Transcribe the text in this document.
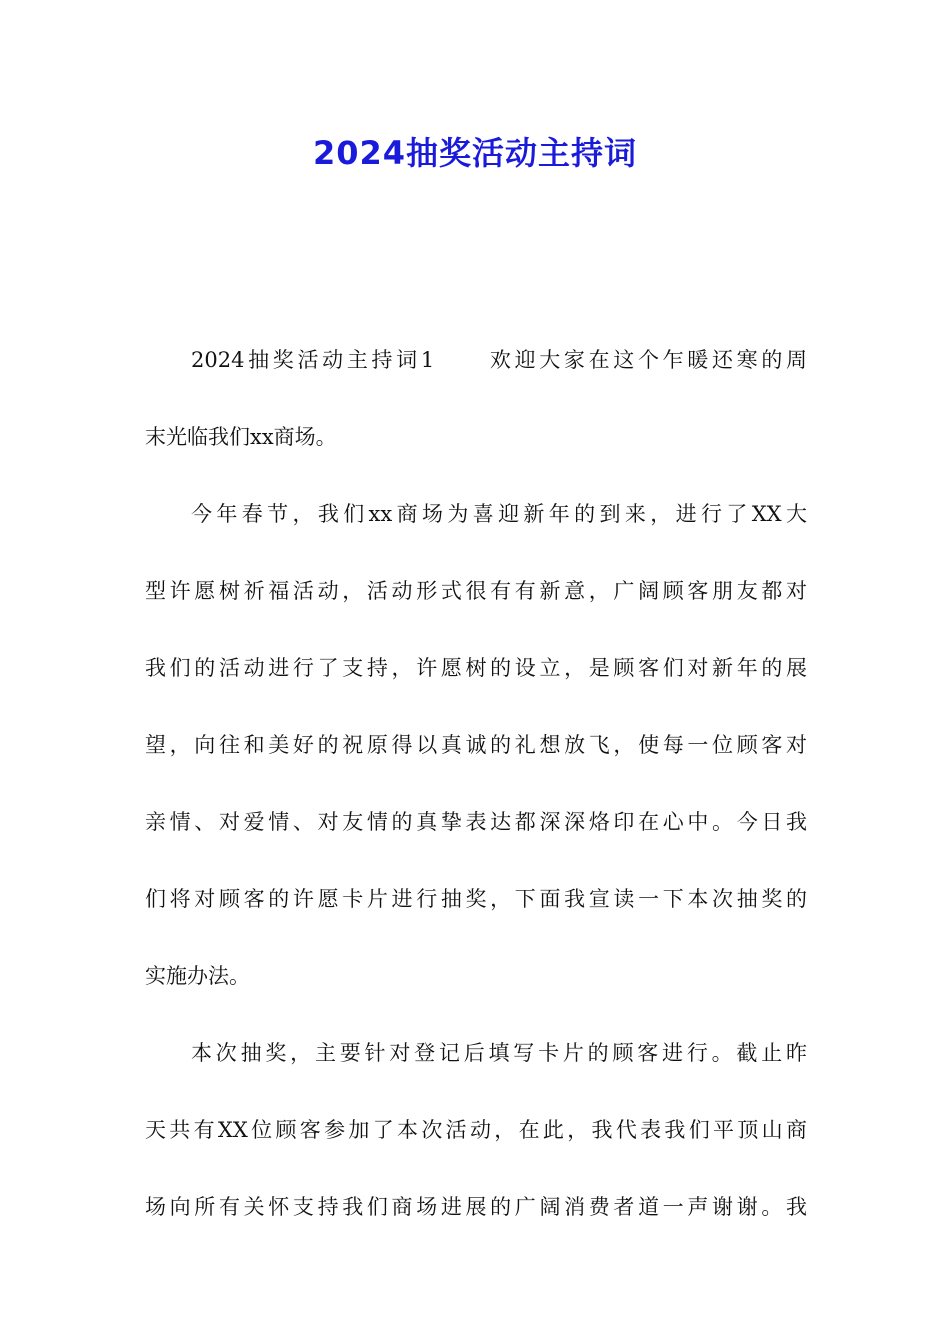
2024抽奖活动主持词
2024抽奖活动主持词1 欢迎大家在这个乍暖还寒的周
末光临我们xx商场。
今年春节，我们xx商场为喜迎新年的到来，进行了XX大
型许愿树祈福活动，活动形式很有有新意，广阔顾客朋友都对
我们的活动进行了支持，许愿树的设立，是顾客们对新年的展
望，向往和美好的祝原得以真诚的礼想放飞，使每一位顾客对
亲情、对爱情、对友情的真挚表达都深深烙印在心中。今日我
们将对顾客的许愿卡片进行抽奖，下面我宣读一下本次抽奖的
实施办法。
本次抽奖，主要针对登记后填写卡片的顾客进行。截止昨
天共有XX位顾客参加了本次活动，在此，我代表我们平顶山商
场向所有关怀支持我们商场进展的广阔消费者道一声谢谢。我
